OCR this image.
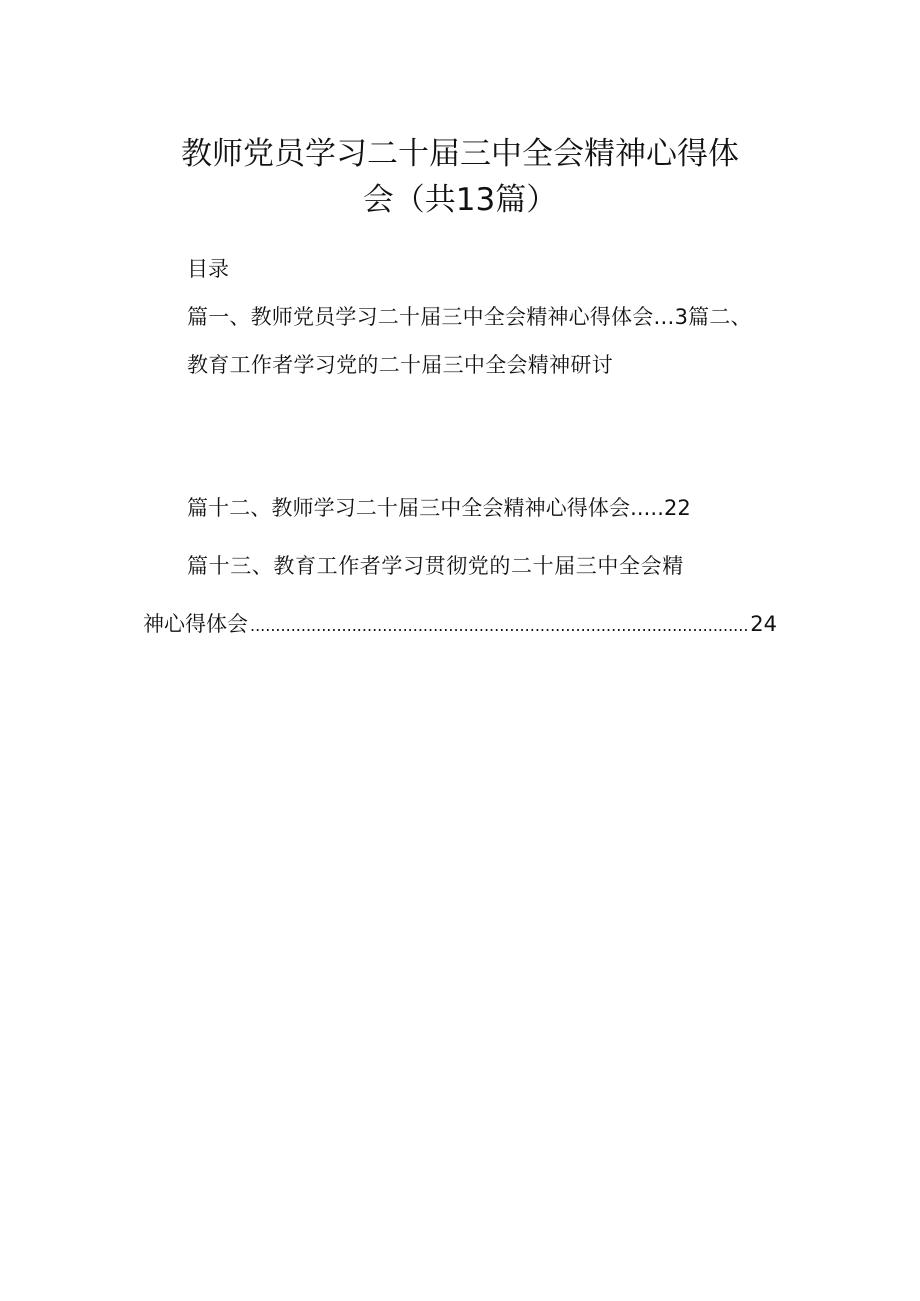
教师党员学习二十届三中全会精神心得体
会（共13篇）
目录
篇一、教师党员学习二十届三中全会精神心得体会…3篇二、
教育工作者学习党的二十届三中全会精神研讨
篇十二、教师学习二十届三中全会精神心得体会.....22
篇十三、教育工作者学习贯彻党的二十届三中全会精
神心得体会
.....	24
